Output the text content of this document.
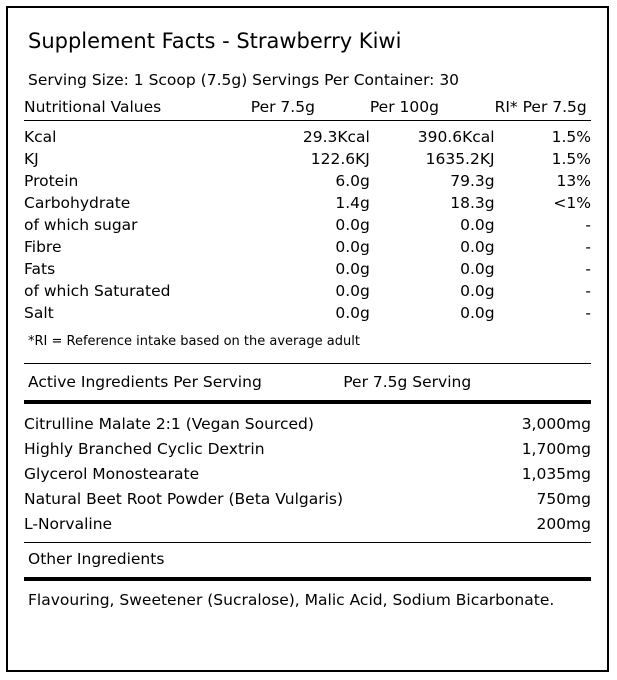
Supplement Facts - Strawberry Kiwi
Serving Size: 1 Scoop (7.5g) Servings Per Container: 30
Nutritional Values	Per 7.5g	Per 100g	RI* Per 7.5g
Kcal	29.3Kcal	390.6Kcal	1.5%
KJ	122.6KJ	1635.2KJ	1.5%
Protein	6.0g	79.3g	13%
Carbohydrate	1.4g	18.3g	<1%
of which sugar	0.0g	0.0g	-
Fibre	0.0g	0.0g	-
Fats	0.0g	0.0g	-
of which Saturated	0.0g	0.0g	-
Salt	0.0g	0.0g	-
*RI = Reference intake based on the average adult
Active Ingredients Per Serving	Per 7.5g Serving
Citrulline Malate 2:1 (Vegan Sourced)	3,000mg
Highly Branched Cyclic Dextrin	1,700mg
Glycerol Monostearate	1,035mg
Natural Beet Root Powder (Beta Vulgaris)	750mg
L-Norvaline	200mg
Other Ingredients
Flavouring, Sweetener (Sucralose), Malic Acid, Sodium Bicarbonate.
